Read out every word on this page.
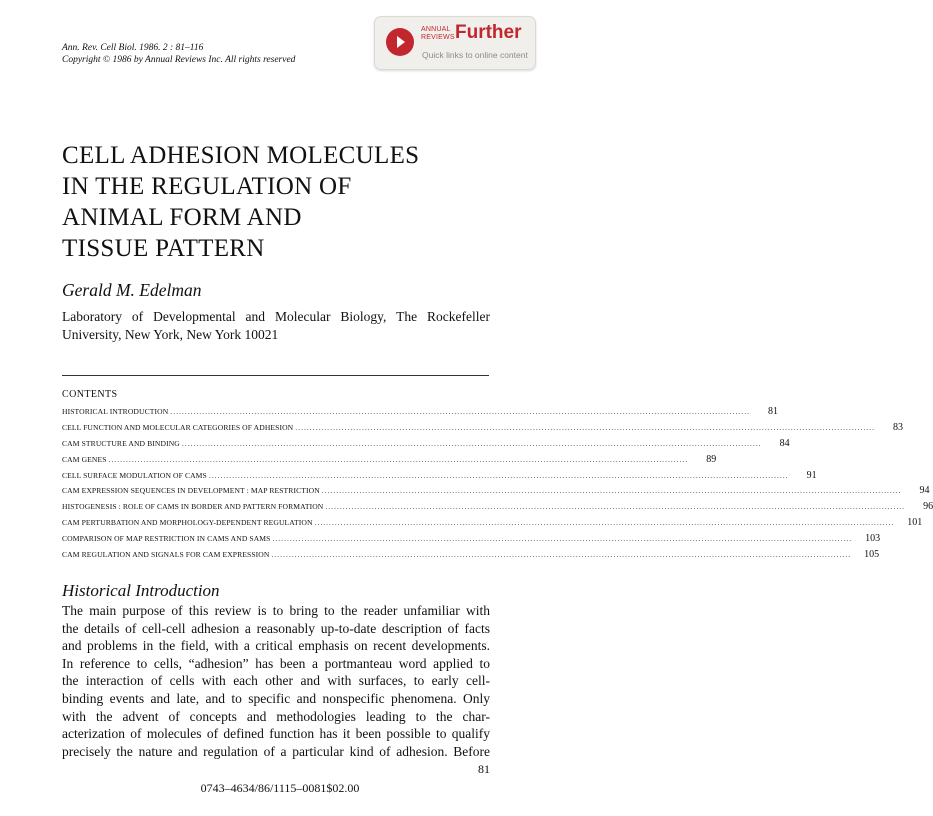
Ann. Rev. Cell Biol. 1986. 2 : 81–116
Copyright © 1986 by Annual Reviews Inc. All rights reserved
ANNUAL
REVIEWS Further
Quick links to online content
CELL ADHESION MOLECULES
IN THE REGULATION OF
ANIMAL FORM AND
TISSUE PATTERN
Gerald M. Edelman
Laboratory of Developmental and Molecular Biology, The Rockefeller University, New York, New York 10021
CONTENTS
HISTORICAL INTRODUCTION ........................................................................................................................................................................................................	81
CELL FUNCTION AND MOLECULAR CATEGORIES OF ADHESION ........................................................................................................................................................................................................	83
CAM STRUCTURE AND BINDING ........................................................................................................................................................................................................	84
CAM GENES ........................................................................................................................................................................................................	89
CELL SURFACE MODULATION OF CAMS ........................................................................................................................................................................................................	91
CAM EXPRESSION SEQUENCES IN DEVELOPMENT : MAP RESTRICTION ........................................................................................................................................................................................................	94
HISTOGENESIS : ROLE OF CAMS IN BORDER AND PATTERN FORMATION ........................................................................................................................................................................................................	96
CAM PERTURBATION AND MORPHOLOGY-DEPENDENT REGULATION ........................................................................................................................................................................................................	101
COMPARISON OF MAP RESTRICTION IN CAMS AND SAMS ........................................................................................................................................................................................................	103
CAM REGULATION AND SIGNALS FOR CAM EXPRESSION ........................................................................................................................................................................................................	105
Historical Introduction
The main purpose of this review is to bring to the reader unfamiliar with
the details of cell-cell adhesion a reasonably up-to-date description of facts
and problems in the field, with a critical emphasis on recent developments.
In reference to cells, “adhesion” has been a portmanteau word applied to
the interaction of cells with each other and with surfaces, to early cell-
binding events and late, and to specific and nonspecific phenomena. Only
with the advent of concepts and methodologies leading to the char-
acterization of molecules of defined function has it been possible to qualify
precisely the nature and regulation of a particular kind of adhesion. Before
81
0743–4634/86/1115–0081$02.00
